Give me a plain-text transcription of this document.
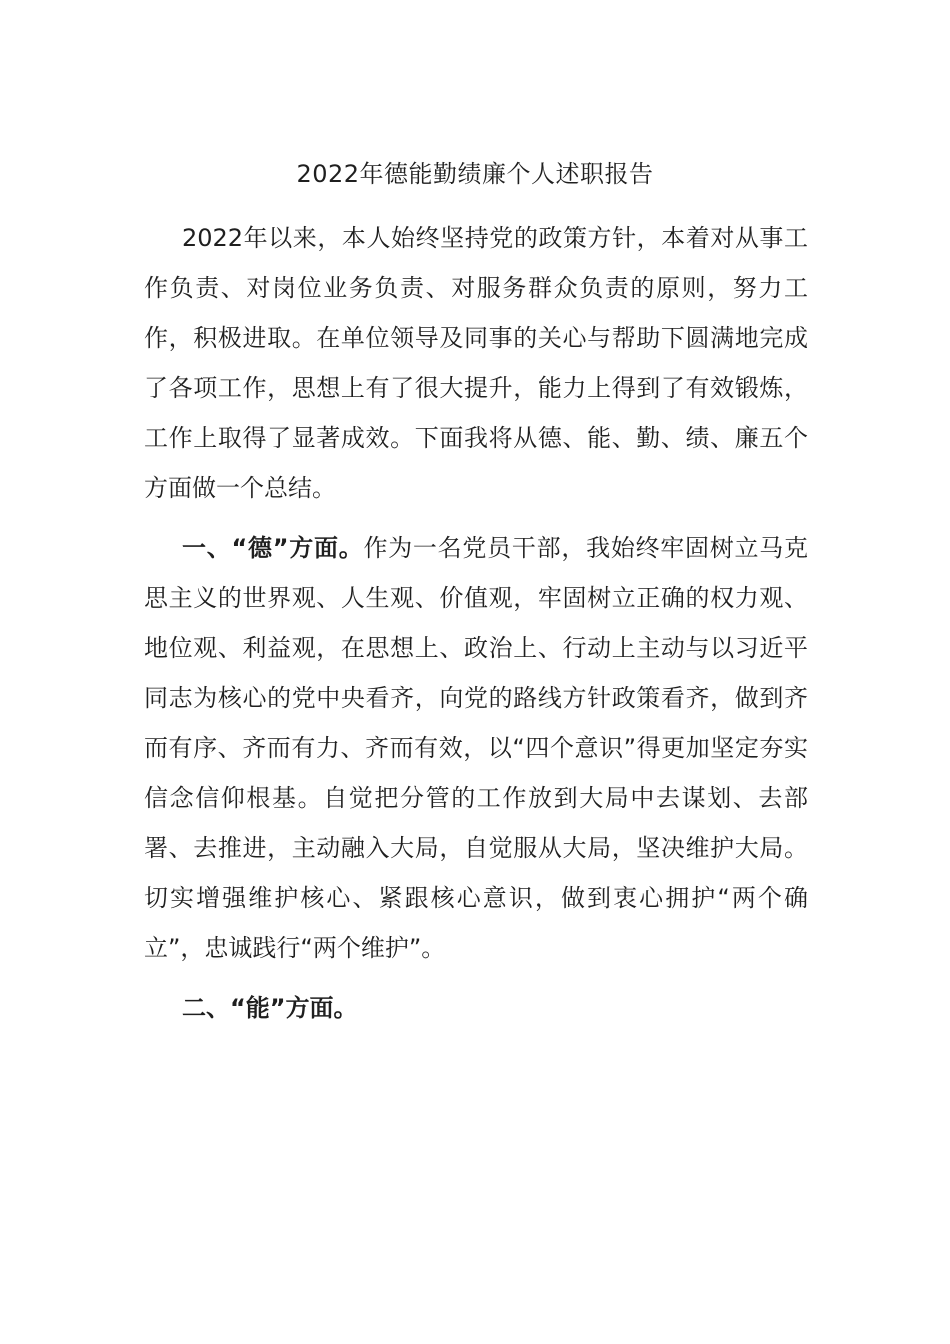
2022年德能勤绩廉个人述职报告

2022年以来，本人始终坚持党的政策方针，本着对从事工作负责、对岗位业务负责、对服务群众负责的原则，努力工作，积极进取。在单位领导及同事的关心与帮助下圆满地完成了各项工作，思想上有了很大提升，能力上得到了有效锻炼，工作上取得了显著成效。下面我将从德、能、勤、绩、廉五个方面做一个总结。

一、“德”方面。作为一名党员干部，我始终牢固树立马克思主义的世界观、人生观、价值观，牢固树立正确的权力观、地位观、利益观，在思想上、政治上、行动上主动与以习近平同志为核心的党中央看齐，向党的路线方针政策看齐，做到齐而有序、齐而有力、齐而有效，以“四个意识”得更加坚定夯实信念信仰根基。自觉把分管的工作放到大局中去谋划、去部署、去推进，主动融入大局，自觉服从大局，坚决维护大局。切实增强维护核心、紧跟核心意识，做到衷心拥护“两个确立”，忠诚践行“两个维护”。

二、“能”方面。
